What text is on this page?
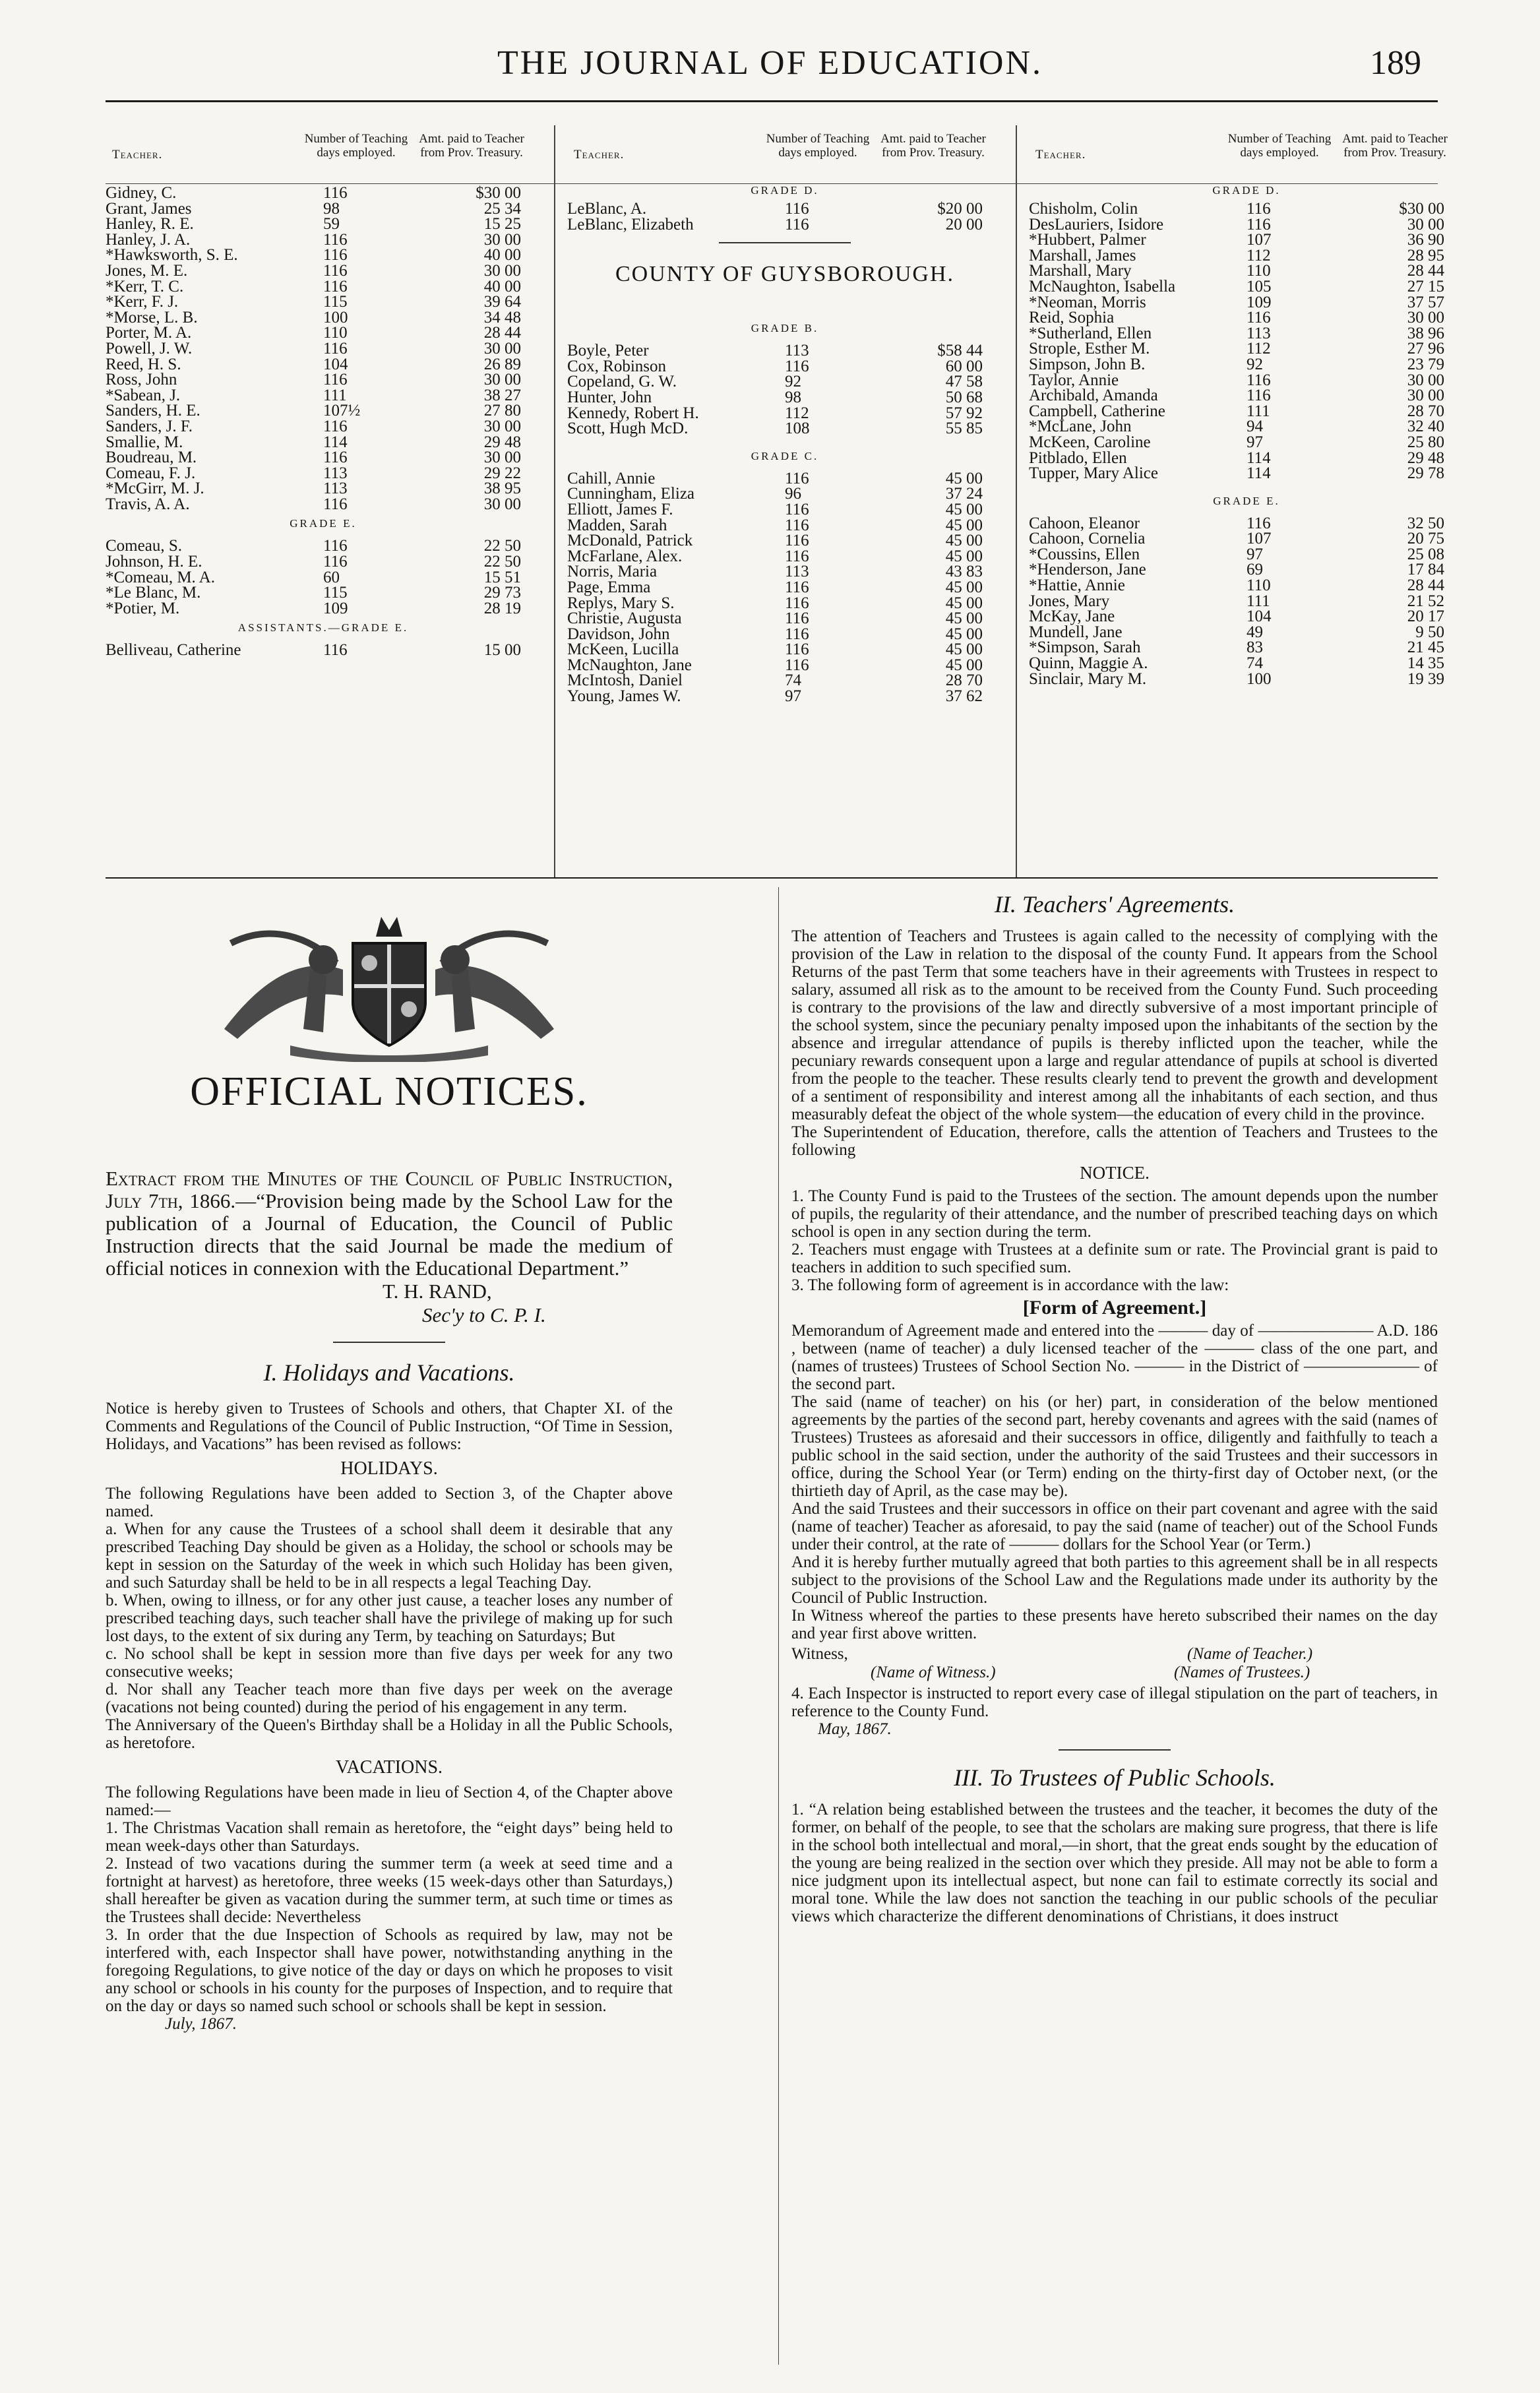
THE JOURNAL OF EDUCATION.	189
Teacher.
Number of Teaching days employed.
Amt. paid to Teacher from Prov. Treasury.
Gidney, C.	116	$30 00
Grant, James	98	25 34
Hanley, R. E.	59	15 25
Hanley, J. A.	116	30 00
*Hawksworth, S. E.	116	40 00
Jones, M. E.	116	30 00
*Kerr, T. C.	116	40 00
*Kerr, F. J.	115	39 64
*Morse, L. B.	100	34 48
Porter, M. A.	110	28 44
Powell, J. W.	116	30 00
Reed, H. S.	104	26 89
Ross, John	116	30 00
*Sabean, J.	111	38 27
Sanders, H. E.	107½	27 80
Sanders, J. F.	116	30 00
Smallie, M.	114	29 48
Boudreau, M.	116	30 00
Comeau, F. J.	113	29 22
*McGirr, M. J.	113	38 95
Travis, A. A.	116	30 00
GRADE E.
Comeau, S.	116	22 50
Johnson, H. E.	116	22 50
*Comeau, M. A.	60	15 51
*Le Blanc, M.	115	29 73
*Potier, M.	109	28 19
ASSISTANTS.—GRADE E.
Belliveau, Catherine	116	15 00
Teacher.
Number of Teaching days employed.
Amt. paid to Teacher from Prov. Treasury.
GRADE D.
LeBlanc, A.	116	$20 00
LeBlanc, Elizabeth	116	20 00
COUNTY OF GUYSBOROUGH.
GRADE B.
Boyle, Peter	113	$58 44
Cox, Robinson	116	60 00
Copeland, G. W.	92	47 58
Hunter, John	98	50 68
Kennedy, Robert H.	112	57 92
Scott, Hugh McD.	108	55 85
GRADE C.
Cahill, Annie	116	45 00
Cunningham, Eliza	96	37 24
Elliott, James F.	116	45 00
Madden, Sarah	116	45 00
McDonald, Patrick	116	45 00
McFarlane, Alex.	116	45 00
Norris, Maria	113	43 83
Page, Emma	116	45 00
Replys, Mary S.	116	45 00
Christie, Augusta	116	45 00
Davidson, John	116	45 00
McKeen, Lucilla	116	45 00
McNaughton, Jane	116	45 00
McIntosh, Daniel	74	28 70
Young, James W.	97	37 62
Teacher.
Number of Teaching days employed.
Amt. paid to Teacher from Prov. Treasury.
GRADE D.
Chisholm, Colin	116	$30 00
DesLauriers, Isidore	116	30 00
*Hubbert, Palmer	107	36 90
Marshall, James	112	28 95
Marshall, Mary	110	28 44
McNaughton, Isabella	105	27 15
*Neoman, Morris	109	37 57
Reid, Sophia	116	30 00
*Sutherland, Ellen	113	38 96
Strople, Esther M.	112	27 96
Simpson, John B.	92	23 79
Taylor, Annie	116	30 00
Archibald, Amanda	116	30 00
Campbell, Catherine	111	28 70
*McLane, John	94	32 40
McKeen, Caroline	97	25 80
Pitblado, Ellen	114	29 48
Tupper, Mary Alice	114	29 78
GRADE E.
Cahoon, Eleanor	116	32 50
Cahoon, Cornelia	107	20 75
*Coussins, Ellen	97	25 08
*Henderson, Jane	69	17 84
*Hattie, Annie	110	28 44
Jones, Mary	111	21 52
McKay, Jane	104	20 17
Mundell, Jane	49	9 50
*Simpson, Sarah	83	21 45
Quinn, Maggie A.	74	14 35
Sinclair, Mary M.	100	19 39
OFFICIAL NOTICES.

Extract from the Minutes of the Council of Public Instruction, July 7th, 1866.—“Provision being made by the School Law for the publication of a Journal of Education, the Council of Public Instruction directs that the said Journal be made the medium of official notices in connexion with the Educational Department.”

T. H. RAND,
Sec'y to C. P. I.
I. Holidays and Vacations.

Notice is hereby given to Trustees of Schools and others, that Chapter XI. of the Comments and Regulations of the Council of Public Instruction, “Of Time in Session, Holidays, and Vacations” has been revised as follows:

HOLIDAYS.

The following Regulations have been added to Section 3, of the Chapter above named.

a. When for any cause the Trustees of a school shall deem it desirable that any prescribed Teaching Day should be given as a Holiday, the school or schools may be kept in session on the Saturday of the week in which such Holiday has been given, and such Saturday shall be held to be in all respects a legal Teaching Day.

b. When, owing to illness, or for any other just cause, a teacher loses any number of prescribed teaching days, such teacher shall have the privilege of making up for such lost days, to the extent of six during any Term, by teaching on Saturdays; But

c. No school shall be kept in session more than five days per week for any two consecutive weeks;

d. Nor shall any Teacher teach more than five days per week on the average (vacations not being counted) during the period of his engagement in any term.

The Anniversary of the Queen's Birthday shall be a Holiday in all the Public Schools, as heretofore.

VACATIONS.

The following Regulations have been made in lieu of Section 4, of the Chapter above named:—

1. The Christmas Vacation shall remain as heretofore, the “eight days” being held to mean week-days other than Saturdays.

2. Instead of two vacations during the summer term (a week at seed time and a fortnight at harvest) as heretofore, three weeks (15 week-days other than Saturdays,) shall hereafter be given as vacation during the summer term, at such time or times as the Trustees shall decide: Nevertheless

3. In order that the due Inspection of Schools as required by law, may not be interfered with, each Inspector shall have power, notwithstanding anything in the foregoing Regulations, to give notice of the day or days on which he proposes to visit any school or schools in his county for the purposes of Inspection, and to require that on the day or days so named such school or schools shall be kept in session.

July, 1867.
II. Teachers' Agreements.

The attention of Teachers and Trustees is again called to the necessity of complying with the provision of the Law in relation to the disposal of the county Fund. It appears from the School Returns of the past Term that some teachers have in their agreements with Trustees in respect to salary, assumed all risk as to the amount to be received from the County Fund. Such proceeding is contrary to the provisions of the law and directly subversive of a most important principle of the school system, since the pecuniary penalty imposed upon the inhabitants of the section by the absence and irregular attendance of pupils is thereby inflicted upon the teacher, while the pecuniary rewards consequent upon a large and regular attendance of pupils at school is diverted from the people to the teacher. These results clearly tend to prevent the growth and development of a sentiment of responsibility and interest among all the inhabitants of each section, and thus measurably defeat the object of the whole system—the education of every child in the province.

The Superintendent of Education, therefore, calls the attention of Teachers and Trustees to the following

NOTICE.

1. The County Fund is paid to the Trustees of the section. The amount depends upon the number of pupils, the regularity of their attendance, and the number of prescribed teaching days on which school is open in any section during the term.

2. Teachers must engage with Trustees at a definite sum or rate. The Provincial grant is paid to teachers in addition to such specified sum.

3. The following form of agreement is in accordance with the law:

[Form of Agreement.]

Memorandum of Agreement made and entered into the ——— day of ——————— A.D. 186 , between (name of teacher) a duly licensed teacher of the ——— class of the one part, and (names of trustees) Trustees of School Section No. ——— in the District of ——————— of the second part.

The said (name of teacher) on his (or her) part, in consideration of the below mentioned agreements by the parties of the second part, hereby covenants and agrees with the said (names of Trustees) Trustees as aforesaid and their successors in office, diligently and faithfully to teach a public school in the said section, under the authority of the said Trustees and their successors in office, during the School Year (or Term) ending on the thirty-first day of October next, (or the thirtieth day of April, as the case may be).

And the said Trustees and their successors in office on their part covenant and agree with the said (name of teacher) Teacher as aforesaid, to pay the said (name of teacher) out of the School Funds under their control, at the rate of ——— dollars for the School Year (or Term.)

And it is hereby further mutually agreed that both parties to this agreement shall be in all respects subject to the provisions of the School Law and the Regulations made under its authority by the Council of Public Instruction.

In Witness whereof the parties to these presents have hereto subscribed their names on the day and year first above written.

Witness,	(Name of Teacher.)
(Name of Witness.)	(Names of Trustees.)

4. Each Inspector is instructed to report every case of illegal stipulation on the part of teachers, in reference to the County Fund.

May, 1867.
III. To Trustees of Public Schools.

1. “A relation being established between the trustees and the teacher, it becomes the duty of the former, on behalf of the people, to see that the scholars are making sure progress, that there is life in the school both intellectual and moral,—in short, that the great ends sought by the education of the young are being realized in the section over which they preside. All may not be able to form a nice judgment upon its intellectual aspect, but none can fail to estimate correctly its social and moral tone. While the law does not sanction the teaching in our public schools of the peculiar views which characterize the different denominations of Christians, it does instruct
